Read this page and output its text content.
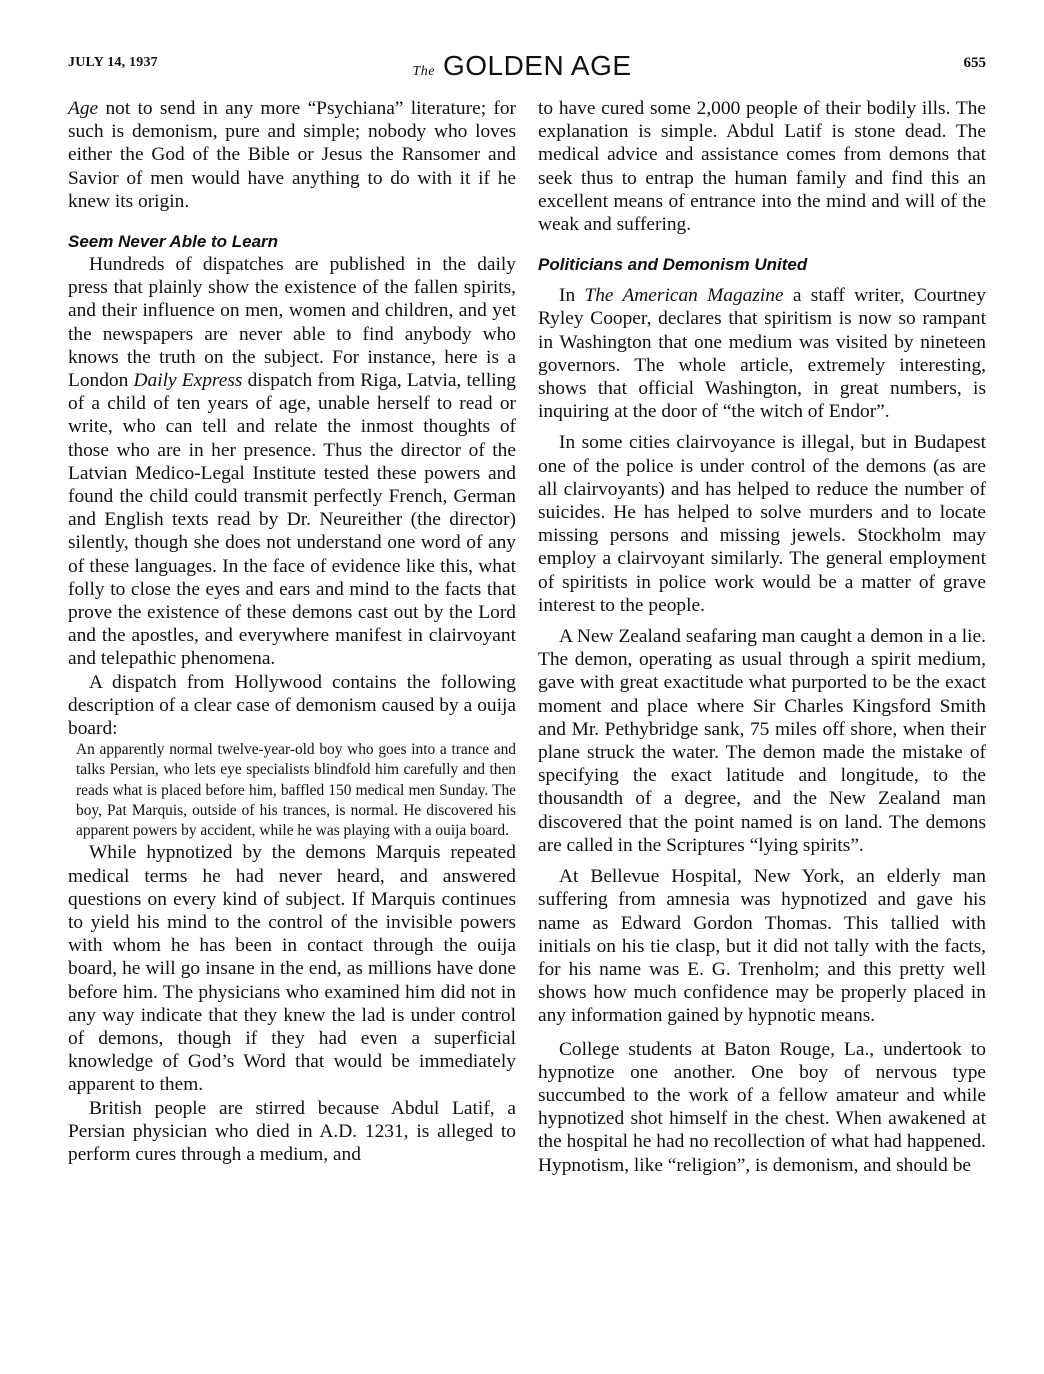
JULY 14, 1937
The GOLDEN AGE	655

Age not to send in any more “Psychiana” literature; for such is demonism, pure and simple; nobody who loves either the God of the Bible or Jesus the Ransomer and Savior of men would have anything to do with it if he knew its origin.

Seem Never Able to Learn

Hundreds of dispatches are published in the daily press that plainly show the existence of the fallen spirits, and their influence on men, women and children, and yet the newspapers are never able to find anybody who knows the truth on the subject. For instance, here is a London Daily Express dispatch from Riga, Latvia, telling of a child of ten years of age, unable herself to read or write, who can tell and relate the inmost thoughts of those who are in her presence. Thus the director of the Latvian Medico-Legal Institute tested these powers and found the child could transmit perfectly French, German and English texts read by Dr. Neureither (the director) silently, though she does not understand one word of any of these languages. In the face of evidence like this, what folly to close the eyes and ears and mind to the facts that prove the existence of these demons cast out by the Lord and the apostles, and everywhere manifest in clairvoyant and telepathic phenomena.

A dispatch from Hollywood contains the following description of a clear case of demonism caused by a ouija board:

An apparently normal twelve-year-old boy who goes into a trance and talks Persian, who lets eye specialists blindfold him carefully and then reads what is placed before him, baffled 150 medical men Sunday. The boy, Pat Marquis, outside of his trances, is normal. He discovered his apparent powers by accident, while he was playing with a ouija board.

While hypnotized by the demons Marquis repeated medical terms he had never heard, and answered questions on every kind of subject. If Marquis continues to yield his mind to the control of the invisible powers with whom he has been in contact through the ouija board, he will go insane in the end, as millions have done before him. The physicians who examined him did not in any way indicate that they knew the lad is under control of demons, though if they had even a superficial knowledge of God’s Word that would be immediately apparent to them.

British people are stirred because Abdul Latif, a Persian physician who died in A.D. 1231, is alleged to perform cures through a medium, and

to have cured some 2,000 people of their bodily ills. The explanation is simple. Abdul Latif is stone dead. The medical advice and assistance comes from demons that seek thus to entrap the human family and find this an excellent means of entrance into the mind and will of the weak and suffering.

Politicians and Demonism United

In The American Magazine a staff writer, Courtney Ryley Cooper, declares that spiritism is now so rampant in Washington that one medium was visited by nineteen governors. The whole article, extremely interesting, shows that official Washington, in great numbers, is inquiring at the door of “the witch of Endor”.

In some cities clairvoyance is illegal, but in Budapest one of the police is under control of the demons (as are all clairvoyants) and has helped to reduce the number of suicides. He has helped to solve murders and to locate missing persons and missing jewels. Stockholm may employ a clairvoyant similarly. The general employment of spiritists in police work would be a matter of grave interest to the people.

A New Zealand seafaring man caught a demon in a lie. The demon, operating as usual through a spirit medium, gave with great exactitude what purported to be the exact moment and place where Sir Charles Kingsford Smith and Mr. Pethybridge sank, 75 miles off shore, when their plane struck the water. The demon made the mistake of specifying the exact latitude and longitude, to the thousandth of a degree, and the New Zealand man discovered that the point named is on land. The demons are called in the Scriptures “lying spirits”.

At Bellevue Hospital, New York, an elderly man suffering from amnesia was hypnotized and gave his name as Edward Gordon Thomas. This tallied with initials on his tie clasp, but it did not tally with the facts, for his name was E. G. Trenholm; and this pretty well shows how much confidence may be properly placed in any information gained by hypnotic means.

College students at Baton Rouge, La., undertook to hypnotize one another. One boy of nervous type succumbed to the work of a fellow amateur and while hypnotized shot himself in the chest. When awakened at the hospital he had no recollection of what had happened. Hypnotism, like “religion”, is demonism, and should be
